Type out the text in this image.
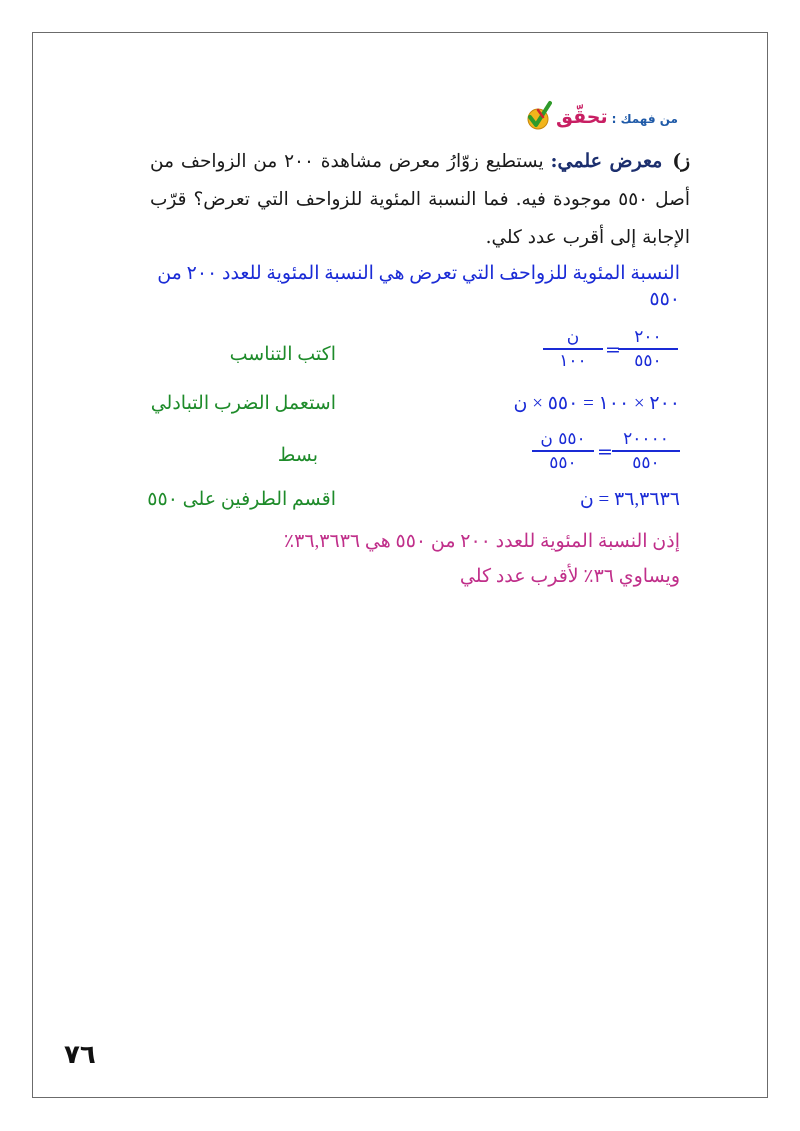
تحقّق من فهمك :
ز)معرض علمي: يستطيع زوّارُ معرض مشاهدة ٢٠٠ من الزواحف من أصل ٥٥٠ موجودة فيه. فما النسبة المئوية للزواحف التي تعرض؟ قرّب الإجابة إلى أقرب عدد كلي.
النسبة المئوية للزواحف التي تعرض هي النسبة المئوية للعدد ٢٠٠ من
٥٥٠
٢٠٠
٥٥٠
=
ن
١٠٠
اكتب التناسب
٢٠٠ × ١٠٠ = ٥٥٠ × ن
استعمل الضرب التبادلي
٢٠٠٠٠
٥٥٠
=
٥٥٠ ن
٥٥٠
بسط
٣٦,٣٦٣٦ = ن
اقسم الطرفين على ٥٥٠
إذن النسبة المئوية للعدد ٢٠٠ من ٥٥٠ هي ٣٦,٣٦٣٦٪
ويساوي ٣٦٪ لأقرب عدد كلي
٧٦
